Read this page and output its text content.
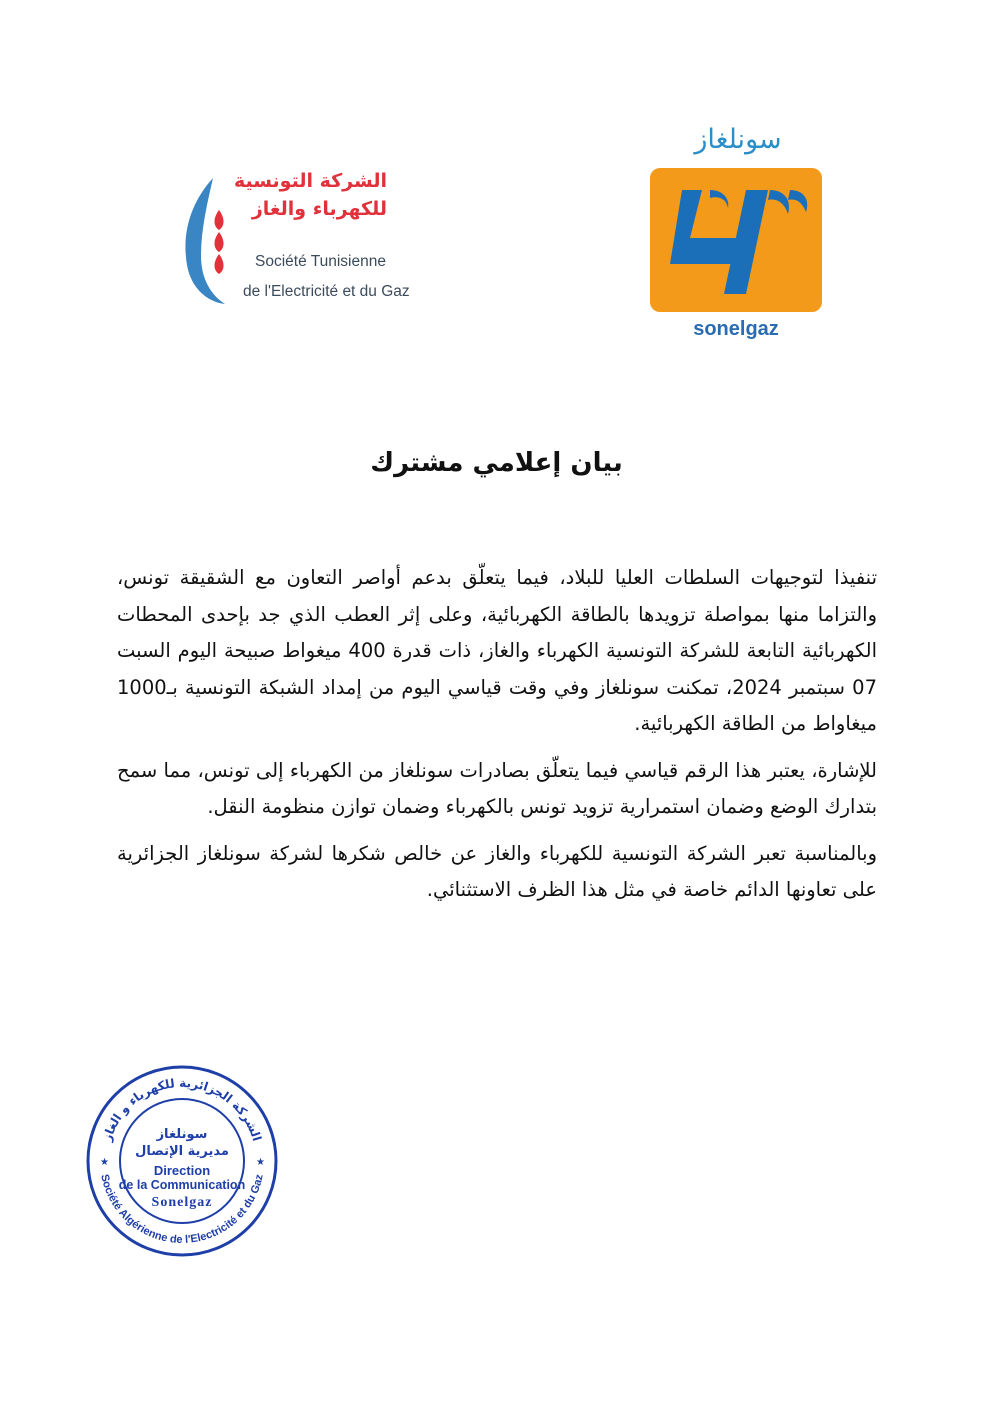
الشركة التونسية
للكهرباء والغاز
Société Tunisienne
de l'Electricité et du Gaz
سونلغاز
sonelgaz
بيان إعلامي مشترك

تنفيذا لتوجيهات السلطات العليا للبلاد، فيما يتعلّق بدعم أواصر التعاون مع الشقيقة تونس، والتزاما منها بمواصلة تزويدها بالطاقة الكهربائية، وعلى إثر العطب الذي جد بإحدى المحطات الكهربائية التابعة للشركة التونسية الكهرباء والغاز، ذات قدرة 400 ميغواط صبيحة اليوم السبت 07 سبتمبر 2024، تمكنت سونلغاز وفي وقت قياسي اليوم من إمداد الشبكة التونسية بـ1000 ميغاواط من الطاقة الكهربائية.

للإشارة، يعتبر هذا الرقم قياسي فيما يتعلّق بصادرات سونلغاز من الكهرباء إلى تونس، مما سمح بتدارك الوضع وضمان استمرارية تزويد تونس بالكهرباء وضمان توازن منظومة النقل.

وبالمناسبة تعبر الشركة التونسية للكهرباء والغاز عن خالص شكرها لشركة سونلغاز الجزائرية على تعاونها الدائم خاصة في مثل هذا الظرف الاستثنائي.

الشركة الجزائرية للكهرباء و الغاز
Société Algérienne de l'Electricité et du Gaz
★	★
سونلغاز
مديرية الإتصال
Direction
de la Communication
Sonelgaz
